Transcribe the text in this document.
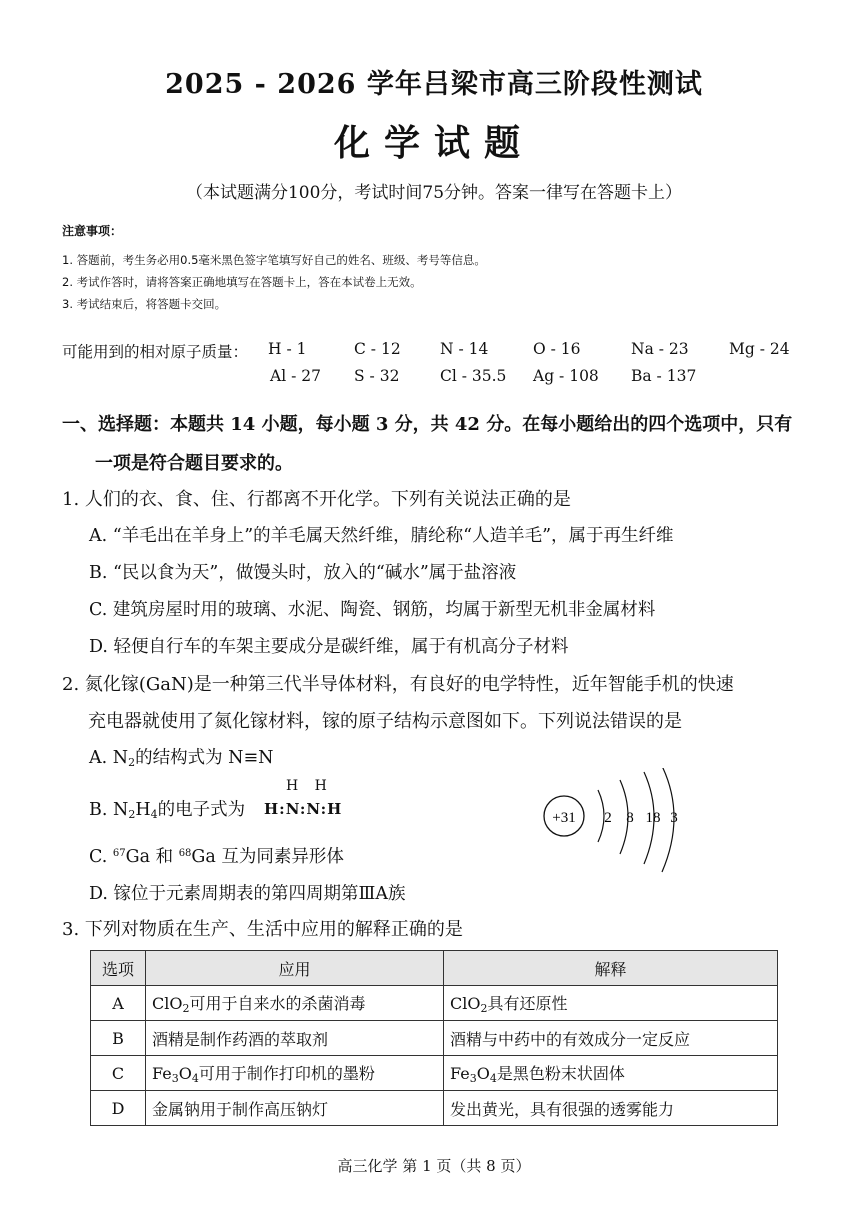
2025 - 2026 学年吕梁市高三阶段性测试
化学试题
（本试题满分100分，考试时间75分钟。答案一律写在答题卡上）
注意事项：
1. 答题前，考生务必用0.5毫米黑色签字笔填写好自己的姓名、班级、考号等信息。
2. 考试作答时，请将答案正确地填写在答题卡上，答在本试卷上无效。
3. 考试结束后，将答题卡交回。
可能用到的相对原子质量： H - 1	C - 12	N - 14	O - 16	Na - 23	Mg - 24
Al - 27 S - 32	Cl - 35.5 Ag - 108 Ba - 137
一、选择题：本题共 14 小题，每小题 3 分，共 42 分。在每小题给出的四个选项中，只有
一项是符合题目要求的。
1. 人们的衣、食、住、行都离不开化学。下列有关说法正确的是
A. “羊毛出在羊身上”的羊毛属天然纤维，腈纶称“人造羊毛”，属于再生纤维
B. “民以食为天”，做馒头时，放入的“碱水”属于盐溶液
C. 建筑房屋时用的玻璃、水泥、陶瓷、钢筋，均属于新型无机非金属材料
D. 轻便自行车的车架主要成分是碳纤维，属于有机高分子材料
2. 氮化镓(GaN)是一种第三代半导体材料，有良好的电学特性，近年智能手机的快速
充电器就使用了氮化镓材料，镓的原子结构示意图如下。下列说法错误的是
A. $N_2$的结构式为 N≡N
B. $N_2H_4$的电子式为
H H
H:N:N:H
C. $^{67}$Ga 和 $^{68}$Ga 互为同素异形体
D. 镓位于元素周期表的第四周期第ⅢA族
+31 2 8 18 3
3. 下列对物质在生产、生活中应用的解释正确的是
选项	应用	解释
A	ClO$_2$可用于自来水的杀菌消毒	ClO$_2$具有还原性
B	酒精是制作药酒的萃取剂	酒精与中药中的有效成分一定反应
C	$Fe_3O_4$可用于制作打印机的墨粉	$Fe_3O_4$是黑色粉末状固体
D	金属钠用于制作高压钠灯	发出黄光，具有很强的透雾能力
高三化学 第 1 页（共 8 页）
